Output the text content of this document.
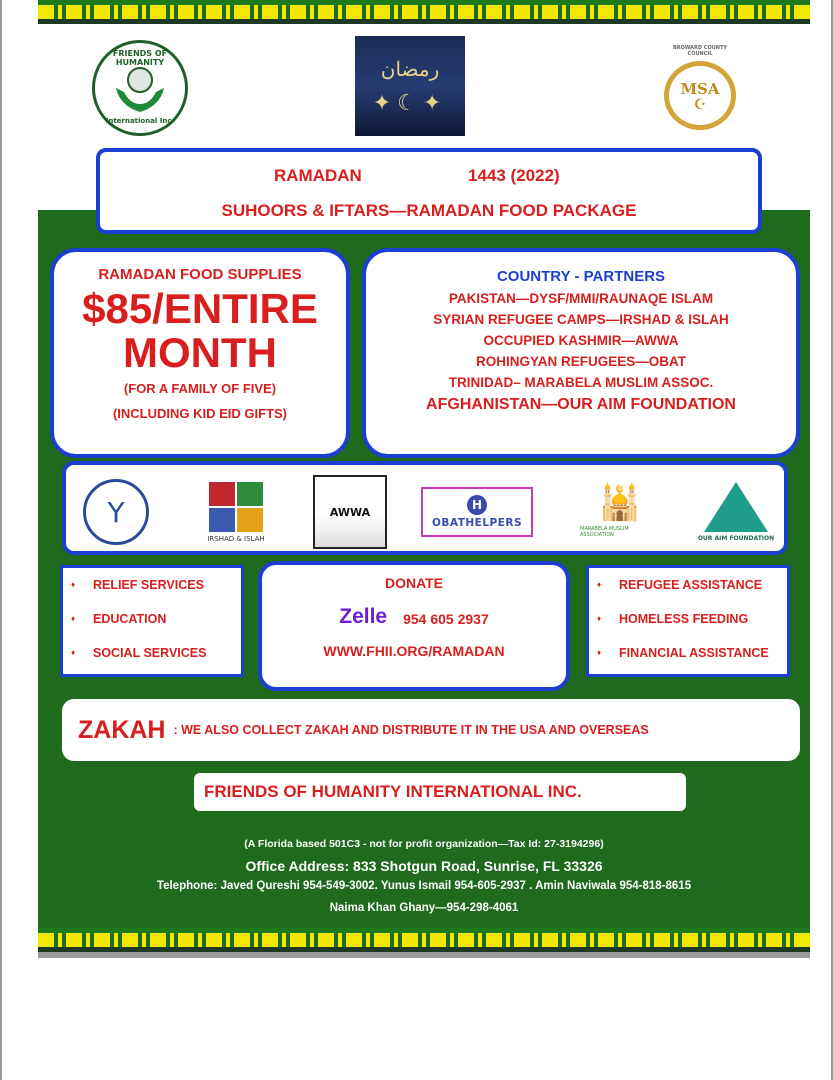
FRIENDS OF HUMANITY
International Inc.
رمضان
✦☾✦
BROWARD COUNTY COUNCIL
MSA
☪
RAMADAN	1443 (2022)
SUHOORS & IFTARS—RAMADAN FOOD PACKAGE
RAMADAN FOOD SUPPLIES
$85/ENTIRE
MONTH
(FOR A FAMILY OF FIVE)
(INCLUDING KID EID GIFTS)
COUNTRY - PARTNERS
PAKISTAN—DYSF/MMI/RAUNAQE ISLAM
SYRIAN REFUGEE CAMPS—IRSHAD & ISLAH
OCCUPIED KASHMIR—AWWA
ROHINGYAN REFUGEES—OBAT
TRINIDAD– MARABELA MUSLIM ASSOC.
AFGHANISTAN—OUR AIM FOUNDATION
Y
IRSHAD & ISLAH
AWWA	H
OBATHELPERS 🕌
MARABELA MUSLIM ASSOCIATION	OUR AIM FOUNDATION
♦ RELIEF SERVICES
♦ EDUCATION
♦ SOCIAL SERVICES
DONATE
Zelle 954 605 2937
WWW.FHII.ORG/RAMADAN
♦ REFUGEE ASSISTANCE
♦ HOMELESS FEEDING
♦ FINANCIAL ASSISTANCE
ZAKAH : WE ALSO COLLECT ZAKAH AND DISTRIBUTE IT IN THE USA AND OVERSEAS
FRIENDS OF HUMANITY INTERNATIONAL INC.
(A Florida based 501C3 - not for profit organization—Tax Id: 27-3194296)
Office Address: 833 Shotgun Road, Sunrise, FL 33326
Telephone: Javed Qureshi 954-549-3002. Yunus Ismail 954-605-2937 . Amin Naviwala 954-818-8615
Naima Khan Ghany—954-298-4061
